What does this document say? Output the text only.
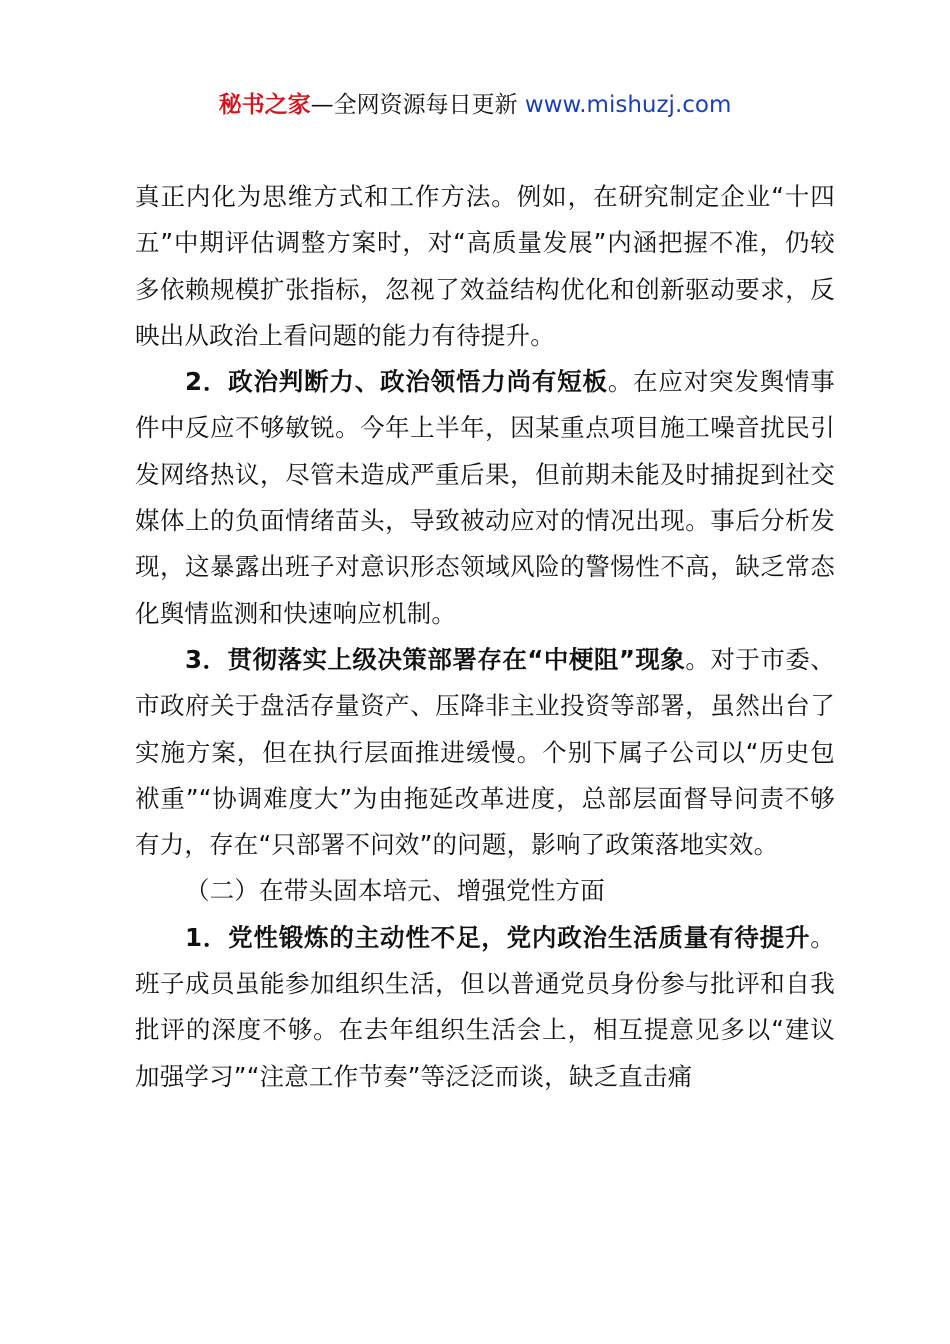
秘书之家—全网资源每日更新 www.mishuzj.com

真正内化为思维方式和工作方法。例如，在研究制定企业“十四五”中期评估调整方案时，对“高质量发展”内涵把握不准，仍较多依赖规模扩张指标，忽视了效益结构优化和创新驱动要求，反映出从政治上看问题的能力有待提升。

2．政治判断力、政治领悟力尚有短板。在应对突发舆情事件中反应不够敏锐。今年上半年，因某重点项目施工噪音扰民引发网络热议，尽管未造成严重后果，但前期未能及时捕捉到社交媒体上的负面情绪苗头，导致被动应对的情况出现。事后分析发现，这暴露出班子对意识形态领域风险的警惕性不高，缺乏常态化舆情监测和快速响应机制。

3．贯彻落实上级决策部署存在“中梗阻”现象。对于市委、市政府关于盘活存量资产、压降非主业投资等部署，虽然出台了实施方案，但在执行层面推进缓慢。个别下属子公司以“历史包袱重”“协调难度大”为由拖延改革进度，总部层面督导问责不够有力，存在“只部署不问效”的问题，影响了政策落地实效。

（二）在带头固本培元、增强党性方面

1．党性锻炼的主动性不足，党内政治生活质量有待提升。班子成员虽能参加组织生活，但以普通党员身份参与批评和自我批评的深度不够。在去年组织生活会上，相互提意见多以“建议加强学习”“注意工作节奏”等泛泛而谈，缺乏直击痛
